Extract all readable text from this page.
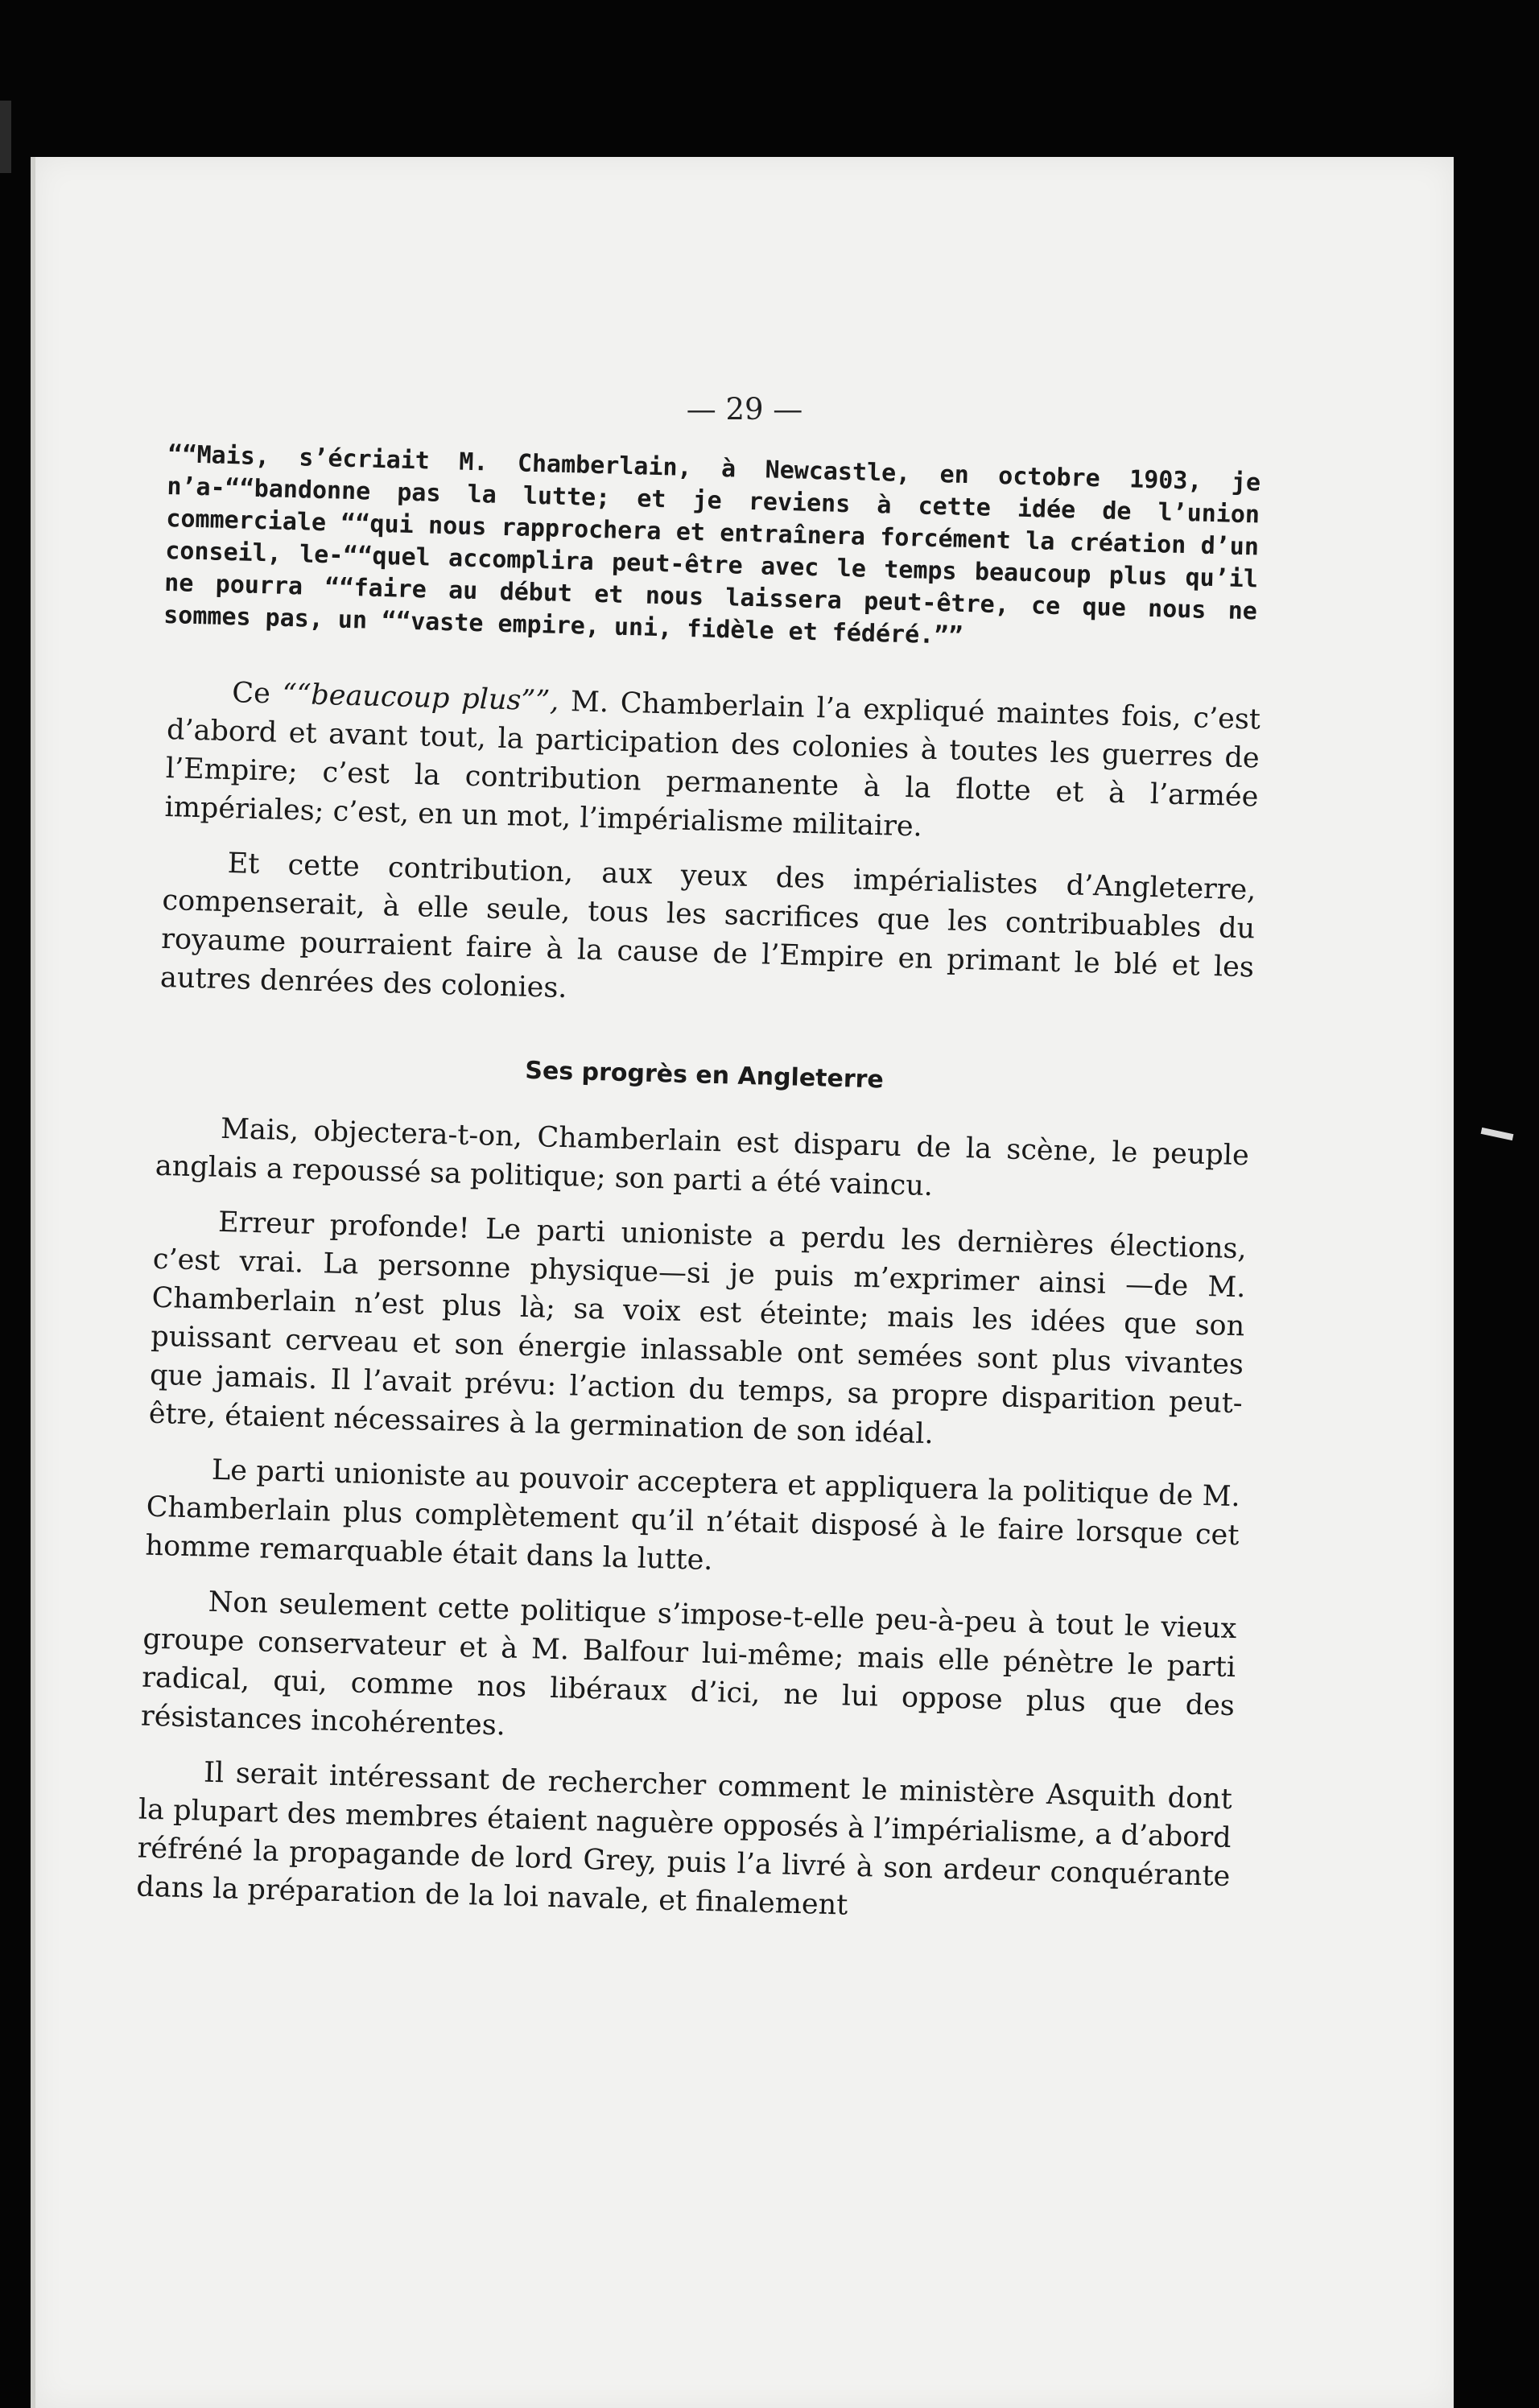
— 29 —
““Mais, s’écriait M. Chamberlain, à Newcastle, en octobre 1903, je n’a-““bandonne pas la lutte; et je reviens à cette idée de l’union commerciale ““qui nous rapprochera et entraînera forcément la création d’un conseil, le-““quel accomplira peut-être avec le temps beaucoup plus qu’il ne pourra ““faire au début et nous laissera peut-être, ce que nous ne sommes pas, un ““vaste empire, uni, fidèle et fédéré.””

Ce ““beaucoup plus””, M. Chamberlain l’a expliqué maintes fois, c’est d’abord et avant tout, la participation des colonies à toutes les guerres de l’Empire; c’est la contribution permanente à la flotte et à l’armée impériales; c’est, en un mot, l’impérialisme militaire.

Et cette contribution, aux yeux des impérialistes d’Angleterre, compenserait, à elle seule, tous les sacrifices que les contribuables du royaume pourraient faire à la cause de l’Empire en primant le blé et les autres denrées des colonies.

Ses progrès en Angleterre

Mais, objectera-t-on, Chamberlain est disparu de la scène, le peuple anglais a repoussé sa politique; son parti a été vaincu.

Erreur profonde! Le parti unioniste a perdu les dernières élections, c’est vrai. La personne physique—si je puis m’exprimer ainsi —de M. Chamberlain n’est plus là; sa voix est éteinte; mais les idées que son puissant cerveau et son énergie inlassable ont semées sont plus vivantes que jamais. Il l’avait prévu: l’action du temps, sa propre disparition peut-être, étaient nécessaires à la germination de son idéal.

Le parti unioniste au pouvoir acceptera et appliquera la politique de M. Chamberlain plus complètement qu’il n’était disposé à le faire lorsque cet homme remarquable était dans la lutte.

Non seulement cette politique s’impose-t-elle peu-à-peu à tout le vieux groupe conservateur et à M. Balfour lui-même; mais elle pénètre le parti radical, qui, comme nos libéraux d’ici, ne lui oppose plus que des résistances incohérentes.

Il serait intéressant de rechercher comment le ministère Asquith dont la plupart des membres étaient naguère opposés à l’impérialisme, a d’abord réfréné la propagande de lord Grey, puis l’a livré à son ardeur conquérante dans la préparation de la loi navale, et finalement
